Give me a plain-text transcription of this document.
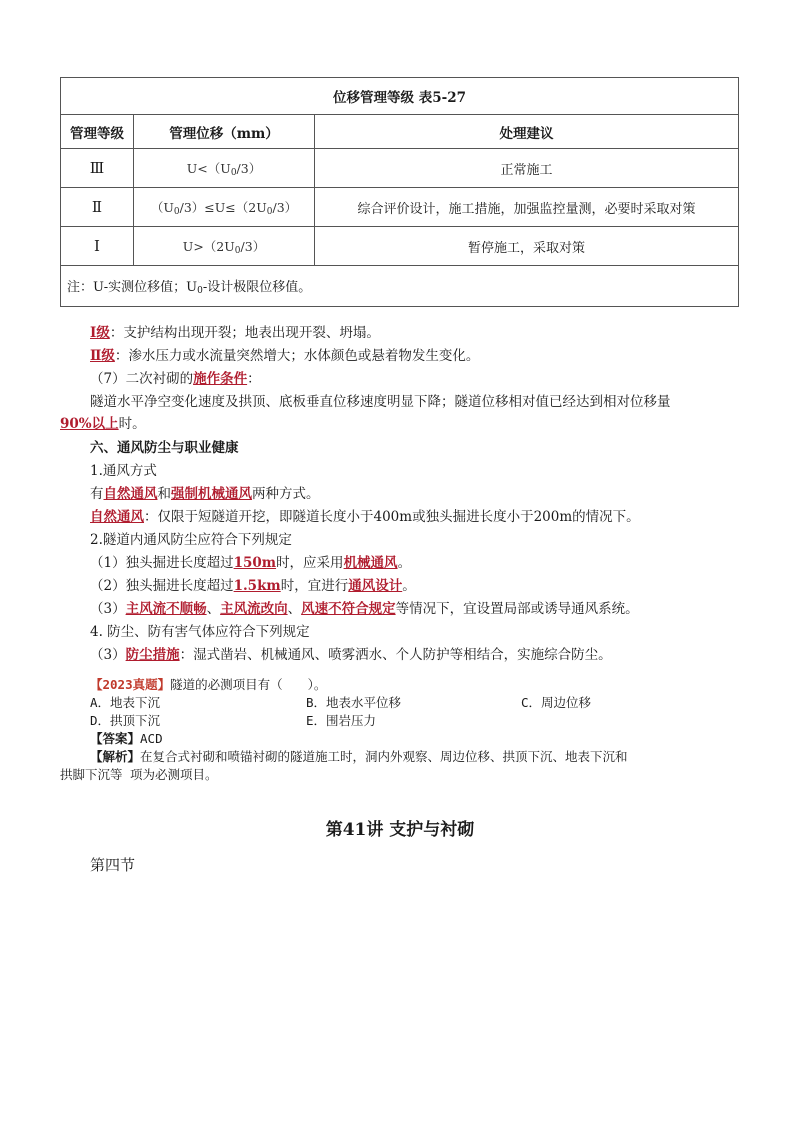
位移管理等级 表5-27		
管理等级	管理位移（mm）	处理建议
Ⅲ	$U<(U_0/3)$	正常施工
Ⅱ	$(U_0/3)\le U\le(2U_0/3)$	综合评价设计，施工措施，加强监控量测，必要时采取对策
Ⅰ	$U>(2U_0/3)$	暂停施工，采取对策
注：U-实测位移值；$U_0-$设计极限位移值。		
Ⅰ级：支护结构出现开裂；地表出现开裂、坍塌。
Ⅱ级：渗水压力或水流量突然增大；水体颜色或悬着物发生变化。
（7）二次衬砌的施作条件：
隧道水平净空变化速度及拱顶、底板垂直位移速度明显下降；隧道位移相对值已经达到相对位移量
90%以上时。
六、通风防尘与职业健康
1.通风方式
有自然通风和强制机械通风两种方式。
自然通风：仅限于短隧道开挖，即隧道长度小于400m或独头掘进长度小于200m的情况下。
2.隧道内通风防尘应符合下列规定
（1）独头掘进长度超过150m时，应采用机械通风。
（2）独头掘进长度超过1.5km时，宜进行通风设计。
（3）主风流不顺畅、主风流改向、风速不符合规定等情况下，宜设置局部或诱导通风系统。
4. 防尘、防有害气体应符合下列规定
（3）防尘措施：湿式凿岩、机械通风、喷雾洒水、个人防护等相结合，实施综合防尘。
【2023真题】隧道的必测项目有（　　）。
A．地表下沉	B．地表水平位移	C．周边位移
D．拱顶下沉	E．围岩压力
【答案】ACD
【解析】在复合式衬砌和喷锚衬砌的隧道施工时，洞内外观察、周边位移、拱顶下沉、地表下沉和
拱脚下沉等 项为必测项目。
第41讲 支护与衬砌
第四节
